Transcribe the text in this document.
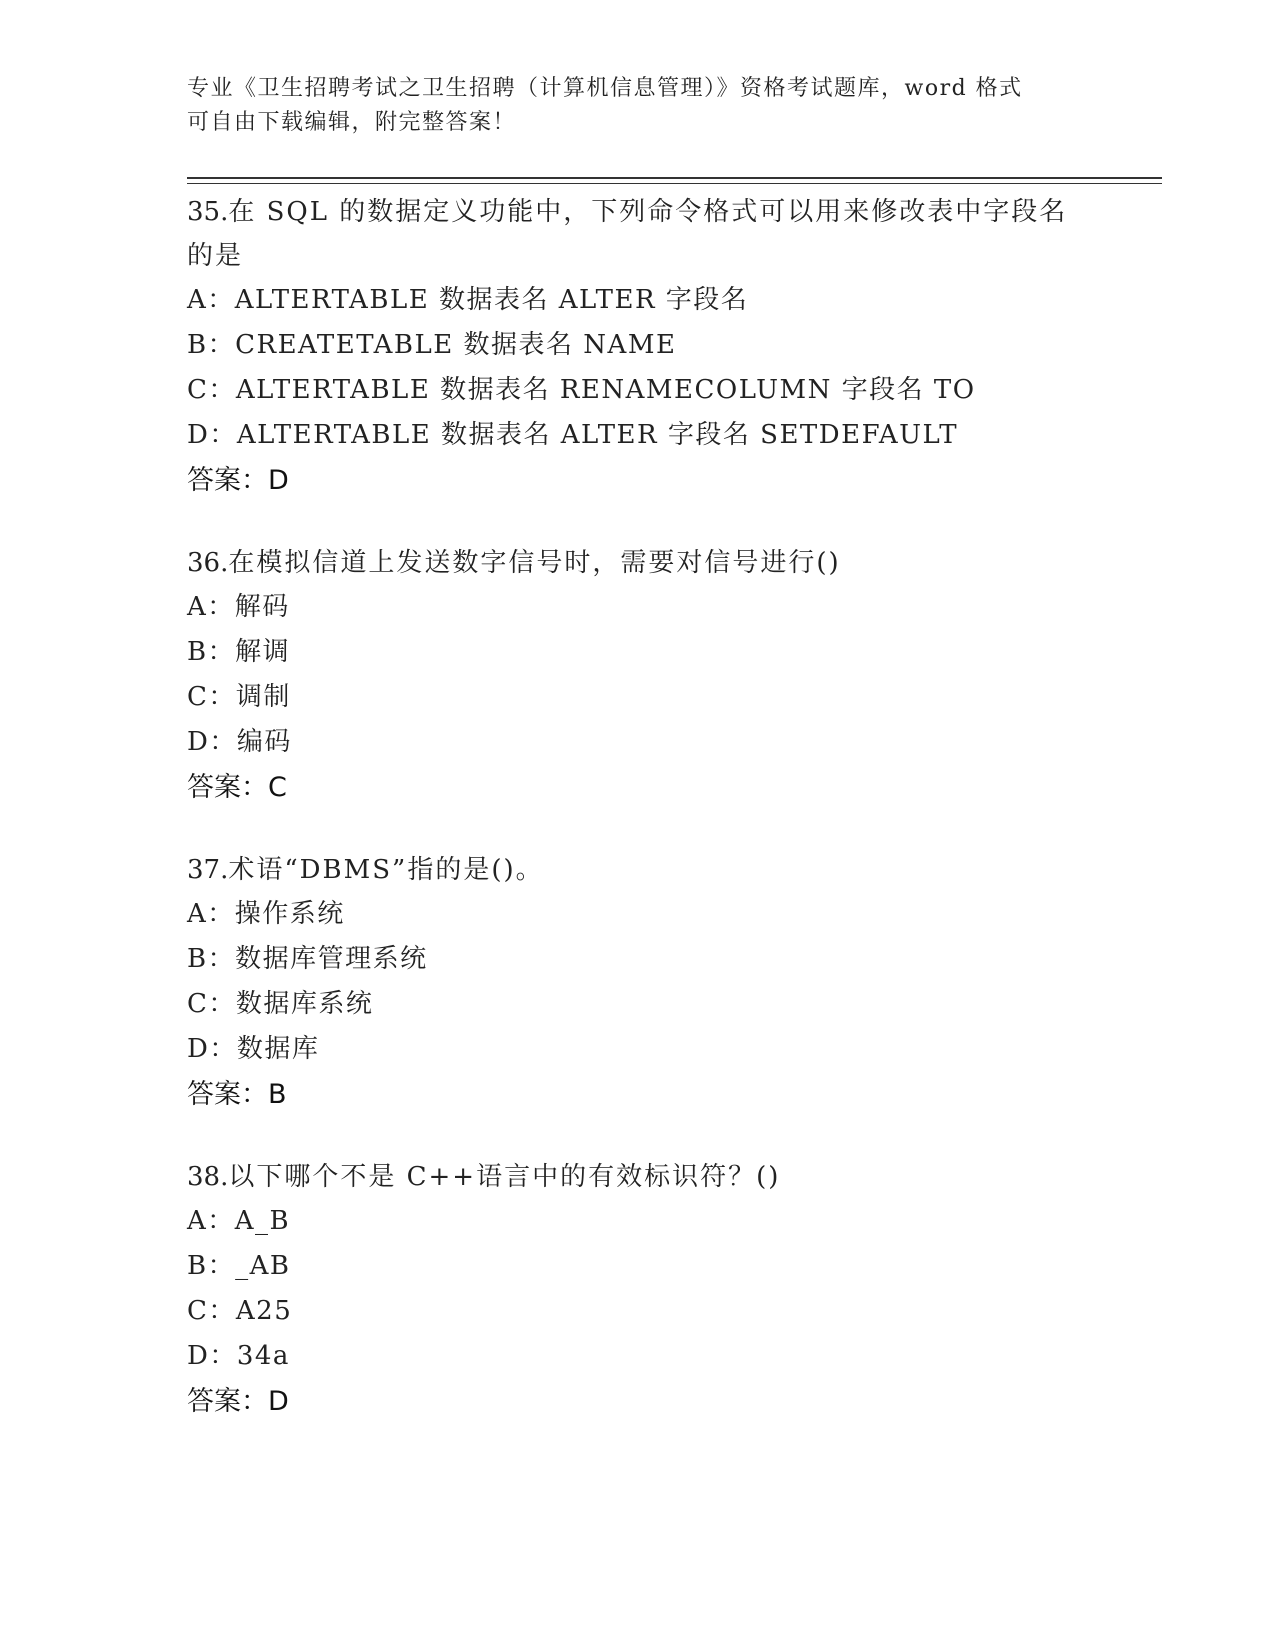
专业《卫生招聘考试之卫生招聘（计算机信息管理）》资格考试题库，word 格式
可自由下载编辑，附完整答案！

35.在 SQL 的数据定义功能中，下列命令格式可以用来修改表中字段名的是

A：ALTERTABLE 数据表名 ALTER 字段名
B：CREATETABLE 数据表名 NAME
C：ALTERTABLE 数据表名 RENAMECOLUMN 字段名 TO
D：ALTERTABLE 数据表名 ALTER 字段名 SETDEFAULT
答案：D

36.在模拟信道上发送数字信号时，需要对信号进行()

A：解码
B：解调
C：调制
D：编码
答案：C

37.术语“DBMS”指的是()。

A：操作系统
B：数据库管理系统
C：数据库系统
D：数据库
答案：B

38.以下哪个不是 C++语言中的有效标识符？()

A：A_B
B：_AB
C：A25
D：34a
答案：D
